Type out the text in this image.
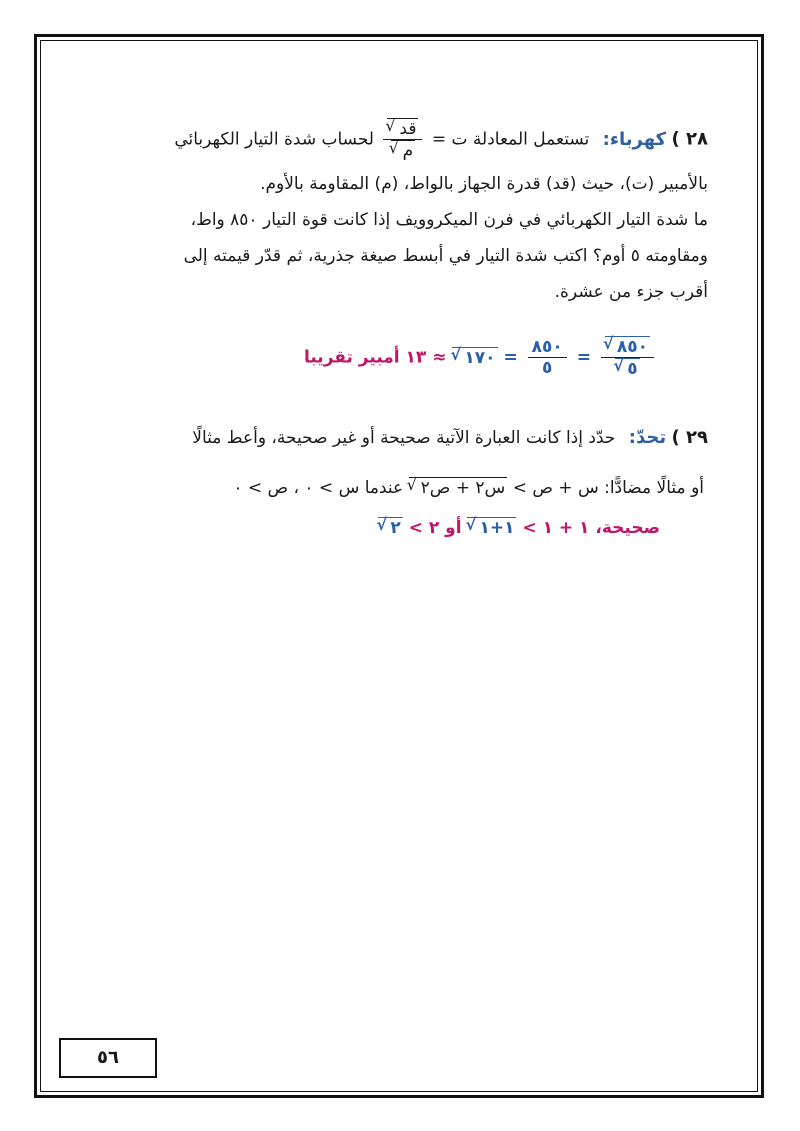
٢٨ ) كهرباء: تستعمل المعادلة ت =
$\frac{\text{قد √}}{\text{م}}$ √
لحساب شدة التيار الكهربائي
بالأمبير (ت)، حيث (قد) قدرة الجهاز بالواط، (م) المقاومة بالأوم.
ما شدة التيار الكهربائي في فرن الميكروويف إذا كانت قوة التيار ٨٥٠ واط،
ومقاومته ٥ أوم؟ اكتب شدة التيار في أبسط صيغة جذرية، ثم قدّر قيمته إلى
أقرب جزء من عشرة.
$\frac{٨٥٠ √}{٥}$ √
=
$\frac{٨٥٠}{٥}$
= ١٧٠ √ ≈ ١٣ أمبير تقريبا
٢٩ ) تحدّ: حدّد إذا كانت العبارة الآتية صحيحة أو غير صحيحة، وأعط مثالًا
أو مثالًا مضادًّا: س + ص > س٢ + ص٢ √ عندما س > ٠ ، ص > ٠
صحيحة، ١ + ١ > ١+١ √ أو ٢ > ٢ √
٥٦
